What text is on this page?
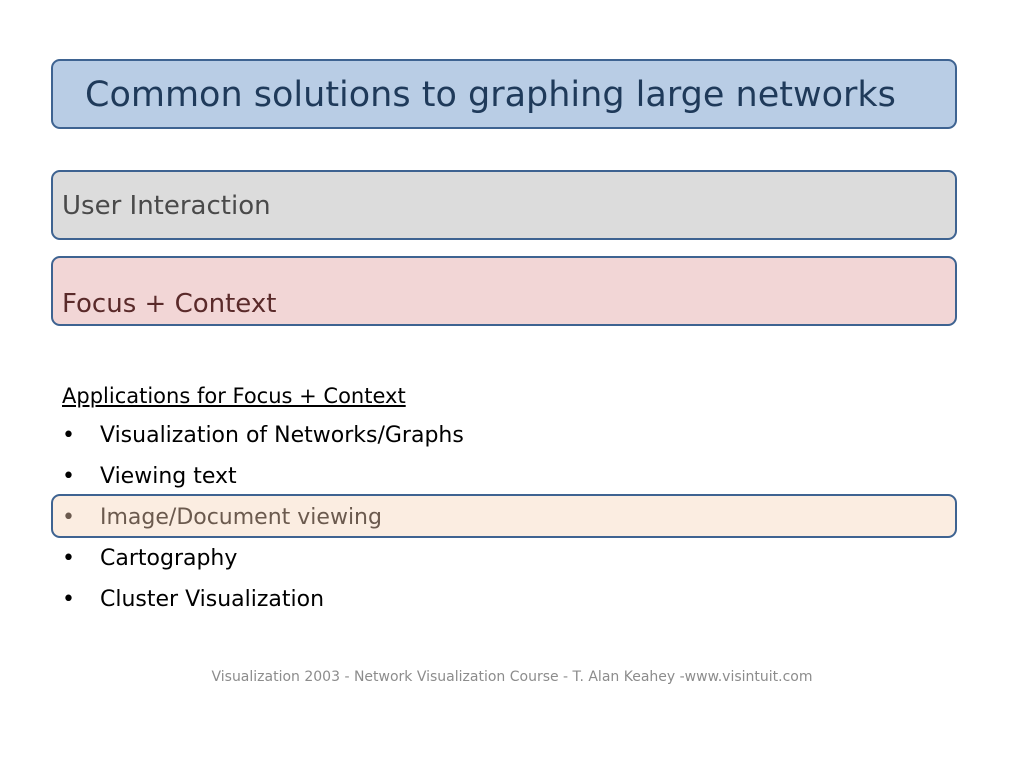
Common solutions to graphing large networks
User Interaction
Focus + Context
Applications for Focus + Context
• Visualization of Networks/Graphs
• Viewing text
• Image/Document viewing
• Cartography
• Cluster Visualization
Visualization 2003 - Network Visualization Course - T. Alan Keahey -www.visintuit.com
